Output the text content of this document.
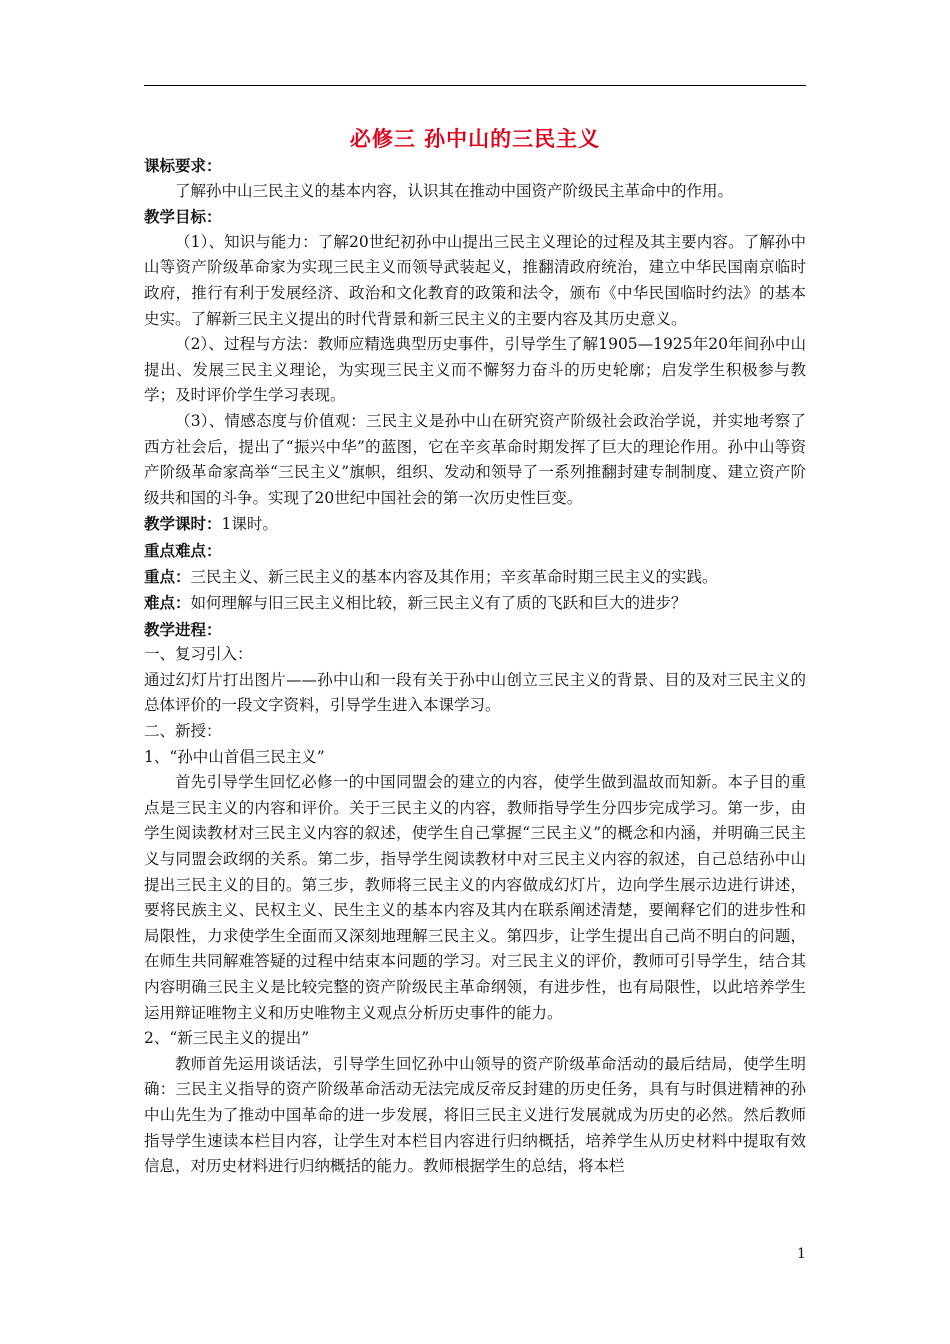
必修三 孙中山的三民主义

课标要求：

了解孙中山三民主义的基本内容，认识其在推动中国资产阶级民主革命中的作用。

教学目标：

（1）、知识与能力：了解20世纪初孙中山提出三民主义理论的过程及其主要内容。了解孙中山等资产阶级革命家为实现三民主义而领导武装起义，推翻清政府统治，建立中华民国南京临时政府，推行有利于发展经济、政治和文化教育的政策和法令，颁布《中华民国临时约法》的基本史实。了解新三民主义提出的时代背景和新三民主义的主要内容及其历史意义。

（2）、过程与方法：教师应精选典型历史事件，引导学生了解1905—1925年20年间孙中山提出、发展三民主义理论，为实现三民主义而不懈努力奋斗的历史轮廓；启发学生积极参与教学；及时评价学生学习表现。

（3）、情感态度与价值观：三民主义是孙中山在研究资产阶级社会政治学说，并实地考察了西方社会后，提出了“振兴中华”的蓝图，它在辛亥革命时期发挥了巨大的理论作用。孙中山等资产阶级革命家高举“三民主义”旗帜，组织、发动和领导了一系列推翻封建专制制度、建立资产阶级共和国的斗争。实现了20世纪中国社会的第一次历史性巨变。

教学课时：1课时。

重点难点：

重点：三民主义、新三民主义的基本内容及其作用；辛亥革命时期三民主义的实践。

难点：如何理解与旧三民主义相比较，新三民主义有了质的飞跃和巨大的进步？

教学进程：

一、复习引入：

通过幻灯片打出图片——孙中山和一段有关于孙中山创立三民主义的背景、目的及对三民主义的总体评价的一段文字资料，引导学生进入本课学习。

二、新授：

1、“孙中山首倡三民主义”

首先引导学生回忆必修一的中国同盟会的建立的内容，使学生做到温故而知新。本子目的重点是三民主义的内容和评价。关于三民主义的内容，教师指导学生分四步完成学习。第一步，由学生阅读教材对三民主义内容的叙述，使学生自己掌握“三民主义”的概念和内涵，并明确三民主义与同盟会政纲的关系。第二步，指导学生阅读教材中对三民主义内容的叙述，自己总结孙中山提出三民主义的目的。第三步，教师将三民主义的内容做成幻灯片，边向学生展示边进行讲述，要将民族主义、民权主义、民生主义的基本内容及其内在联系阐述清楚，要阐释它们的进步性和局限性，力求使学生全面而又深刻地理解三民主义。第四步，让学生提出自己尚不明白的问题，在师生共同解难答疑的过程中结束本问题的学习。对三民主义的评价，教师可引导学生，结合其内容明确三民主义是比较完整的资产阶级民主革命纲领，有进步性，也有局限性，以此培养学生运用辩证唯物主义和历史唯物主义观点分析历史事件的能力。

2、“新三民主义的提出”

教师首先运用谈话法，引导学生回忆孙中山领导的资产阶级革命活动的最后结局，使学生明确：三民主义指导的资产阶级革命活动无法完成反帝反封建的历史任务，具有与时俱进精神的孙中山先生为了推动中国革命的进一步发展，将旧三民主义进行发展就成为历史的必然。然后教师指导学生速读本栏目内容，让学生对本栏目内容进行归纳概括，培养学生从历史材料中提取有效信息，对历史材料进行归纳概括的能力。教师根据学生的总结，将本栏

1
